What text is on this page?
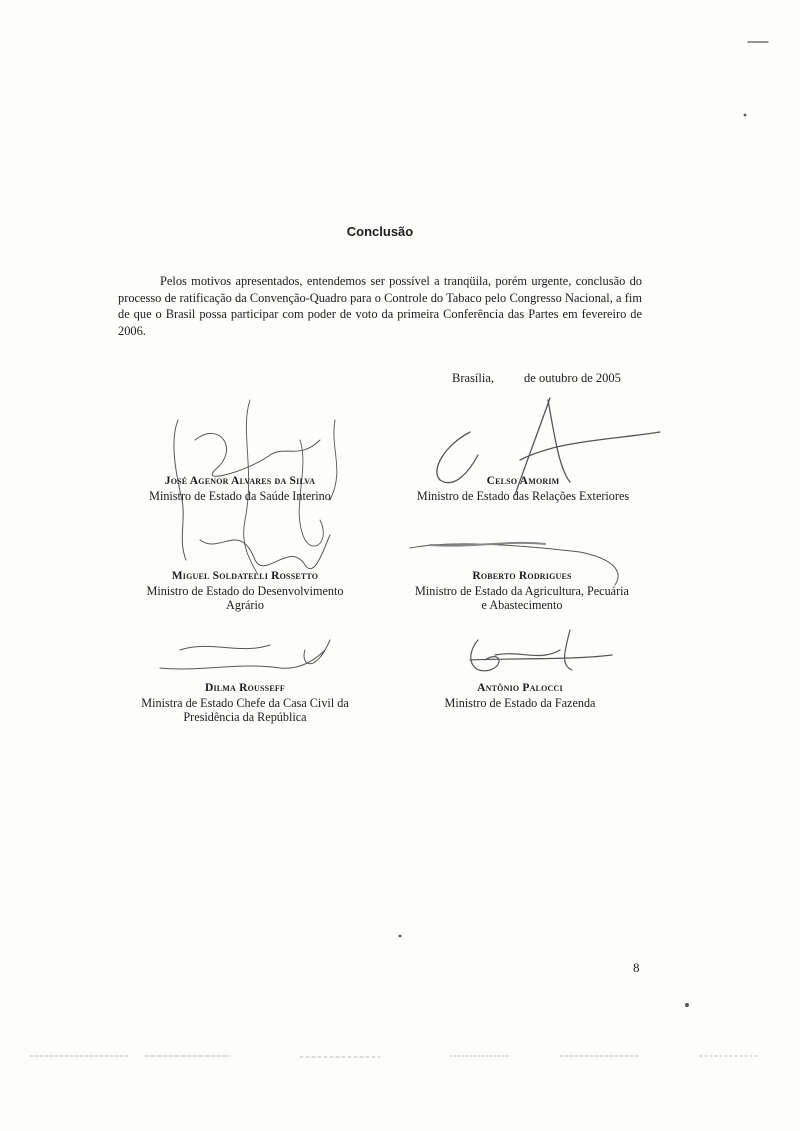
Conclusão

Pelos motivos apresentados, entendemos ser possível a tranqüila, porém urgente, conclusão do processo de ratificação da Convenção-Quadro para o Controle do Tabaco pelo Congresso Nacional, a fim de que o Brasil possa participar com poder de voto da primeira Conferência das Partes em fevereiro de 2006.

Brasília, de outubro de 2005
José Agenor Alvares da Silva
Ministro de Estado da Saúde Interino
Celso Amorim
Ministro de Estado das Relações Exteriores
Miguel Soldatelli Rossetto
Ministro de Estado do Desenvolvimento
Agrário
Roberto Rodrigues
Ministro de Estado da Agricultura, Pecuária
e Abastecimento
Dilma Rousseff
Ministra de Estado Chefe da Casa Civil da
Presidência da República
Antônio Palocci
Ministro de Estado da Fazenda
8
